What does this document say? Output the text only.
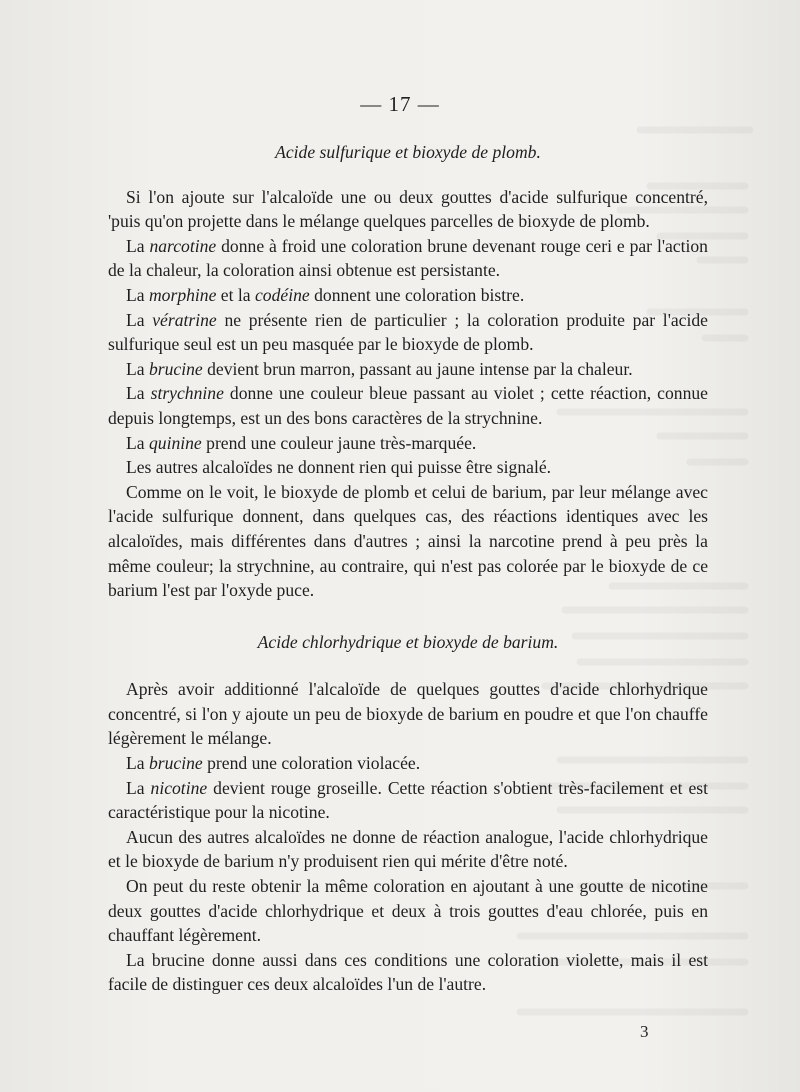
— 17 —
Acide sulfurique et bioxyde de plomb.

Si l'on ajoute sur l'alcaloïde une ou deux gouttes d'acide sulfurique concentré, 'puis qu'on projette dans le mélange quelques parcelles de bioxyde de plomb.

La narcotine donne à froid une coloration brune devenant rouge ceri e par l'action de la chaleur, la coloration ainsi obtenue est persistante.

La morphine et la codéine donnent une coloration bistre.

La vératrine ne présente rien de particulier ; la coloration produite par l'acide sulfurique seul est un peu masquée par le bioxyde de plomb.

La brucine devient brun marron, passant au jaune intense par la chaleur.

La strychnine donne une couleur bleue passant au violet ; cette réaction, connue depuis longtemps, est un des bons caractères de la strychnine.

La quinine prend une couleur jaune très-marquée.

Les autres alcaloïdes ne donnent rien qui puisse être signalé.

Comme on le voit, le bioxyde de plomb et celui de barium, par leur mélange avec l'acide sulfurique donnent, dans quelques cas, des réactions identiques avec les alcaloïdes, mais différentes dans d'autres ; ainsi la narcotine prend à peu près la même couleur; la strychnine, au contraire, qui n'est pas colorée par le bioxyde de ce barium l'est par l'oxyde puce.

Acide chlorhydrique et bioxyde de barium.

Après avoir additionné l'alcaloïde de quelques gouttes d'acide chlorhydrique concentré, si l'on y ajoute un peu de bioxyde de barium en poudre et que l'on chauffe légèrement le mélange.

La brucine prend une coloration violacée.

La nicotine devient rouge groseille. Cette réaction s'obtient très-facilement et est caractéristique pour la nicotine.

Aucun des autres alcaloïdes ne donne de réaction analogue, l'acide chlorhydrique et le bioxyde de barium n'y produisent rien qui mérite d'être noté.

On peut du reste obtenir la même coloration en ajoutant à une goutte de nicotine deux gouttes d'acide chlorhydrique et deux à trois gouttes d'eau chlorée, puis en chauffant légèrement.

La brucine donne aussi dans ces conditions une coloration violette, mais il est facile de distinguer ces deux alcaloïdes l'un de l'autre.

3
